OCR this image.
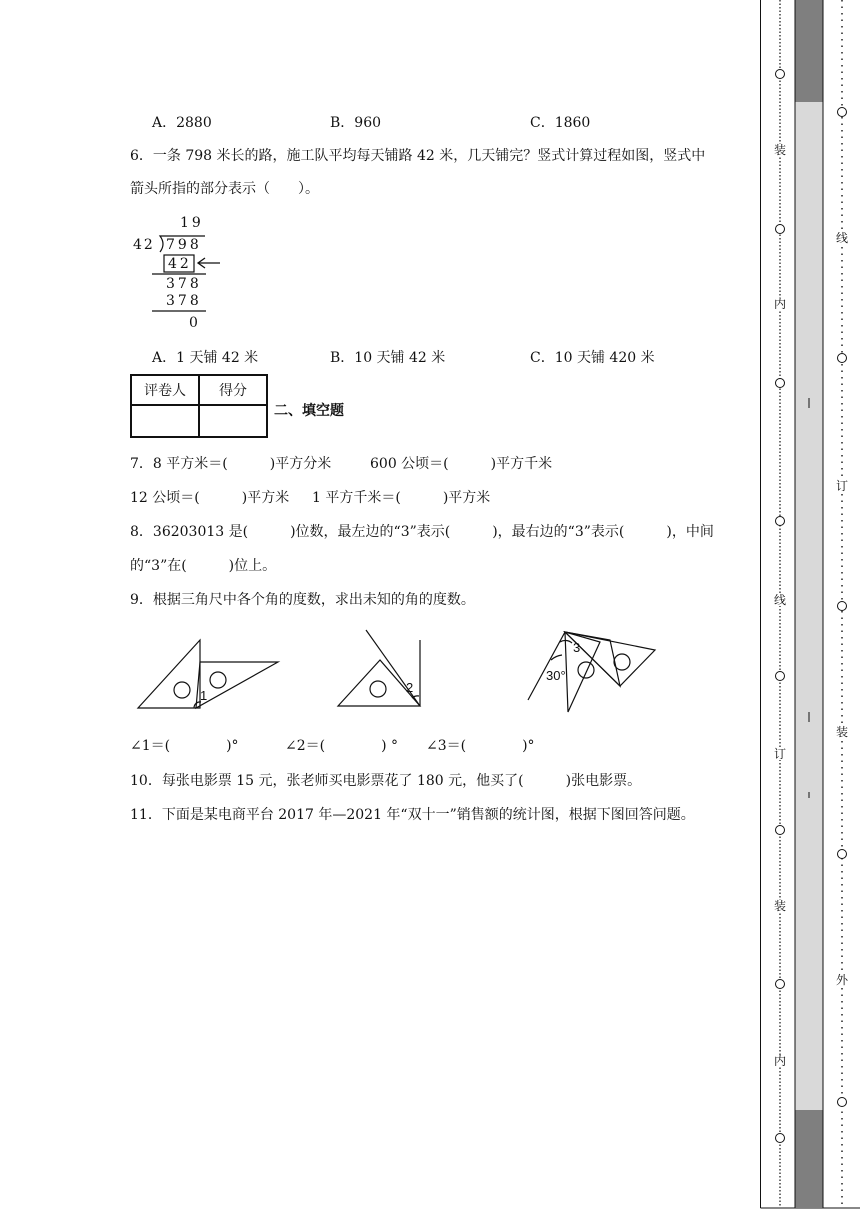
A．2880	B．960	C．1860
6．一条 798 米长的路，施工队平均每天铺路 42 米，几天铺完？竖式计算过程如图，竖式中
箭头所指的部分表示（　　）。
19
42 798
42
378
378
0
A．1 天铺 42 米	B．10 天铺 42 米	C．10 天铺 420 米
评卷人	得分

二、填空题
7．8 平方米＝(　　　)平方分米	600 公顷＝(　　　)平方千米
12 公顷＝(　　　)平方米 1 平方千米＝(　　　)平方米
8．36203013 是(　　　)位数，最左边的“3”表示(　　　)，最右边的“3”表示(　　　)，中间
的“3”在(　　　)位上。
9．根据三角尺中各个角的度数，求出未知的角的度数。
1
2
3
30°
∠1＝(　　　　)°	∠2＝(　　　　) ° ∠3＝(　　　　)°
10．每张电影票 15 元，张老师买电影票花了 180 元，他买了(　　　)张电影票。
11．下面是某电商平台 2017 年—2021 年“双十一”销售额的统计图，根据下图回答问题。
装
内
线
订
装
内
线
订
装
外
